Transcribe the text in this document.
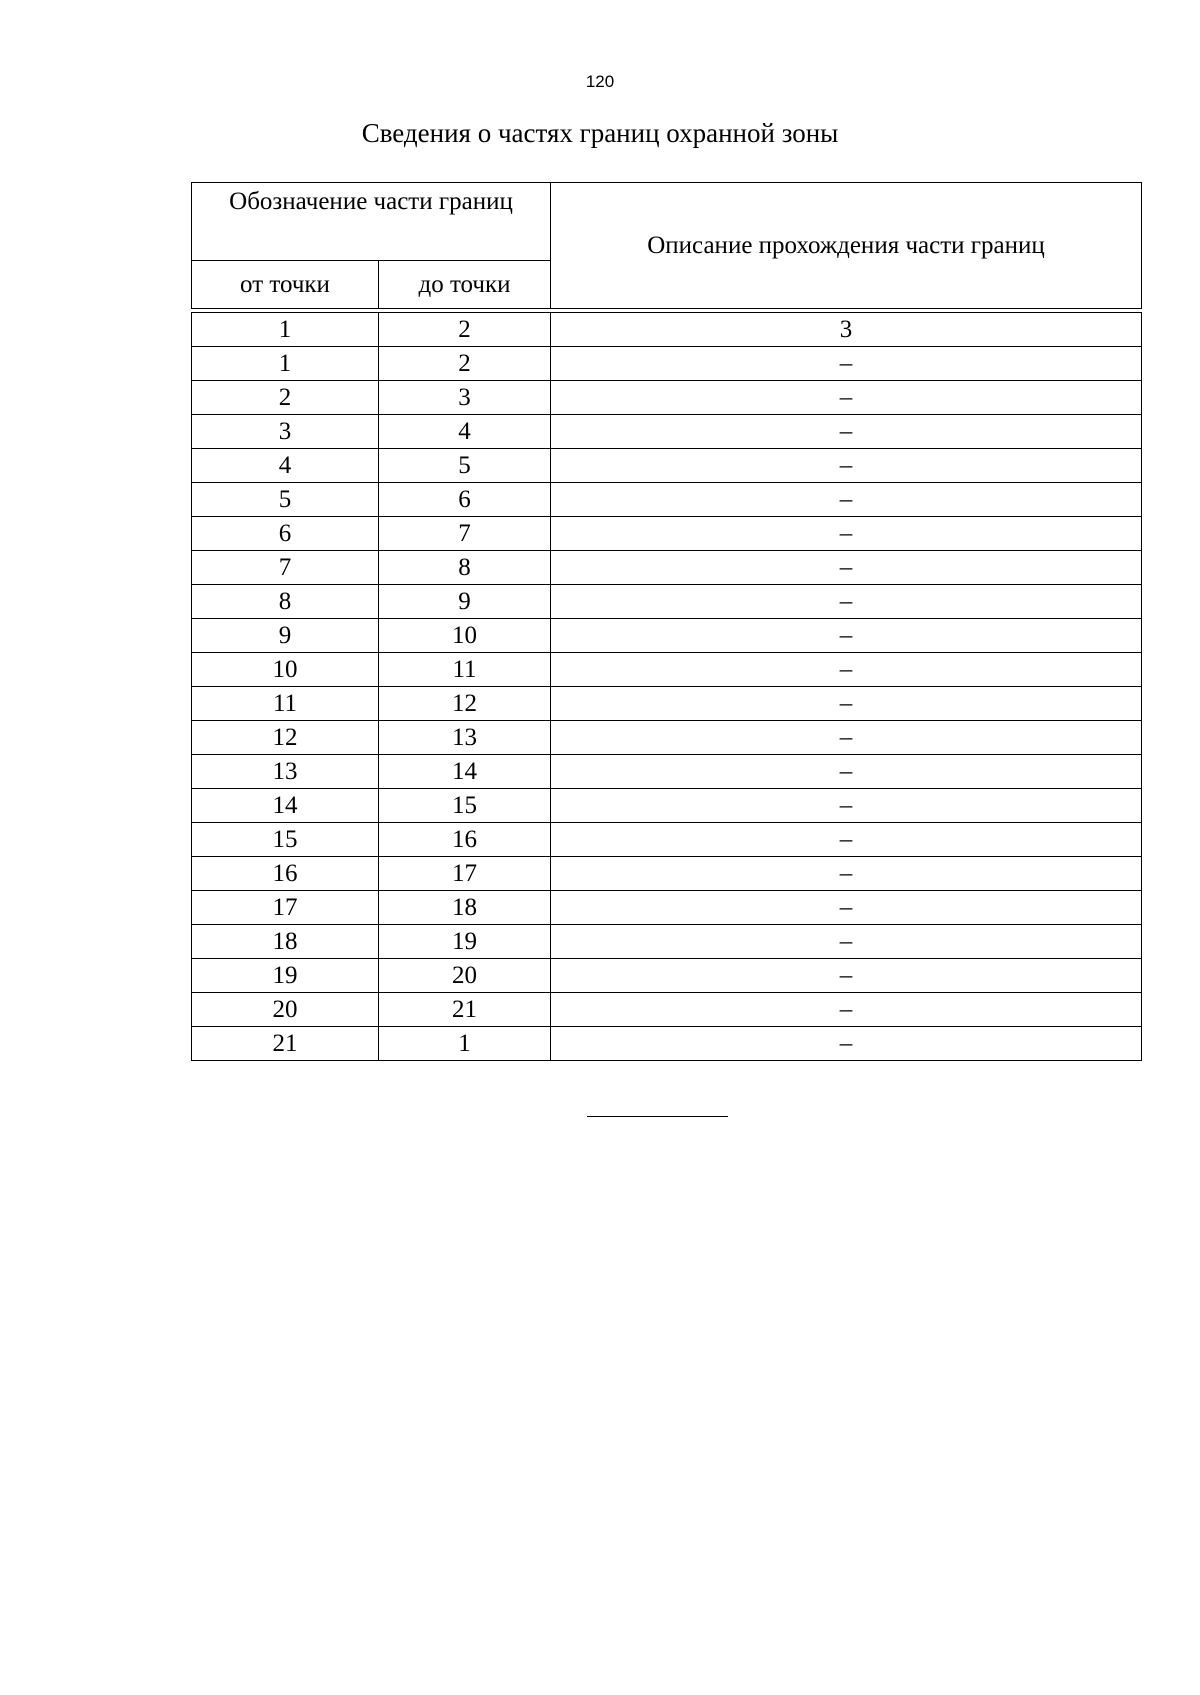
120
Сведения о частях границ охранной зоны
Обозначение части границ		Описание прохождения части границ
от точки	до точки	

1	2	3
1	2	–
2	3	–
3	4	–
4	5	–
5	6	–
6	7	–
7	8	–
8	9	–
9	10	–
10	11	–
11	12	–
12	13	–
13	14	–
14	15	–
15	16	–
16	17	–
17	18	–
18	19	–
19	20	–
20	21	–
21	1	–
